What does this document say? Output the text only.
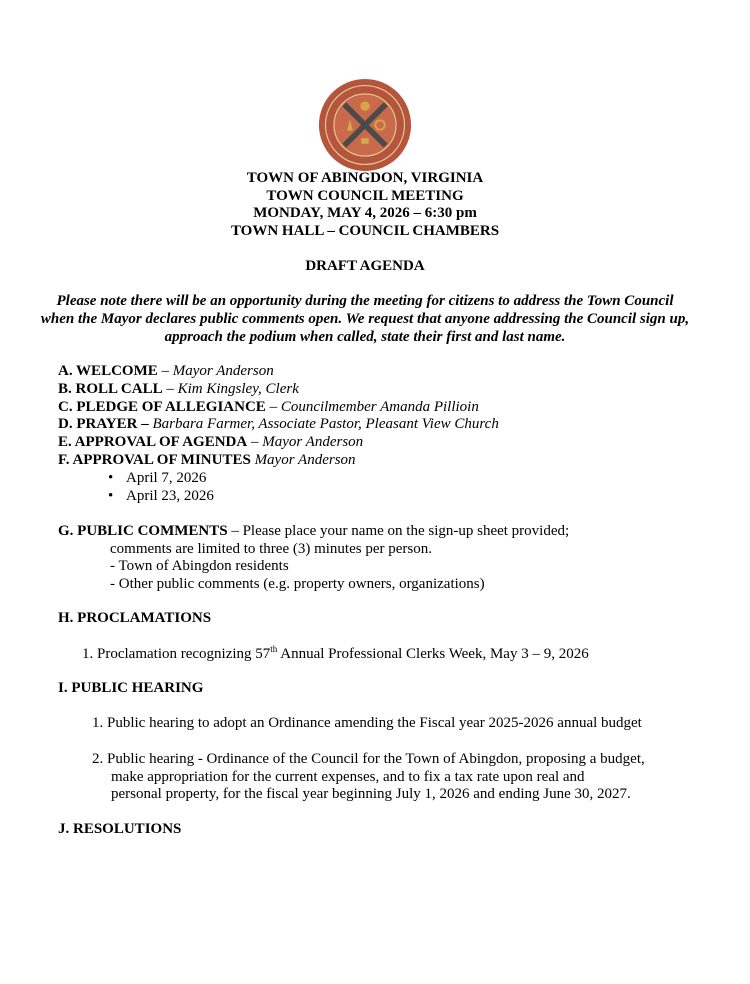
TOWN OF ABINGDON, VIRGINIA
TOWN COUNCIL MEETING
MONDAY, MAY 4, 2026 – 6:30 pm
TOWN HALL – COUNCIL CHAMBERS
DRAFT AGENDA
Please note there will be an opportunity during the meeting for citizens to address the Town Council when the Mayor declares public comments open. We request that anyone addressing the Council sign up, approach the podium when called, state their first and last name.
A. WELCOME – Mayor Anderson
B. ROLL CALL – Kim Kingsley, Clerk
C. PLEDGE OF ALLEGIANCE – Councilmember Amanda Pillioin
D. PRAYER – Barbara Farmer, Associate Pastor, Pleasant View Church
E. APPROVAL OF AGENDA – Mayor Anderson
F. APPROVAL OF MINUTES Mayor Anderson
• April 7, 2026
• April 23, 2026
G. PUBLIC COMMENTS – Please place your name on the sign-up sheet provided;
comments are limited to three (3) minutes per person.
- Town of Abingdon residents
- Other public comments (e.g. property owners, organizations)
H. PROCLAMATIONS
1. Proclamation recognizing 57th Annual Professional Clerks Week, May 3 – 9, 2026
I. PUBLIC HEARING
1. Public hearing to adopt an Ordinance amending the Fiscal year 2025-2026 annual budget
2. Public hearing - Ordinance of the Council for the Town of Abingdon, proposing a budget,
make appropriation for the current expenses, and to fix a tax rate upon real and
personal property, for the fiscal year beginning July 1, 2026 and ending June 30, 2027.
J. RESOLUTIONS
